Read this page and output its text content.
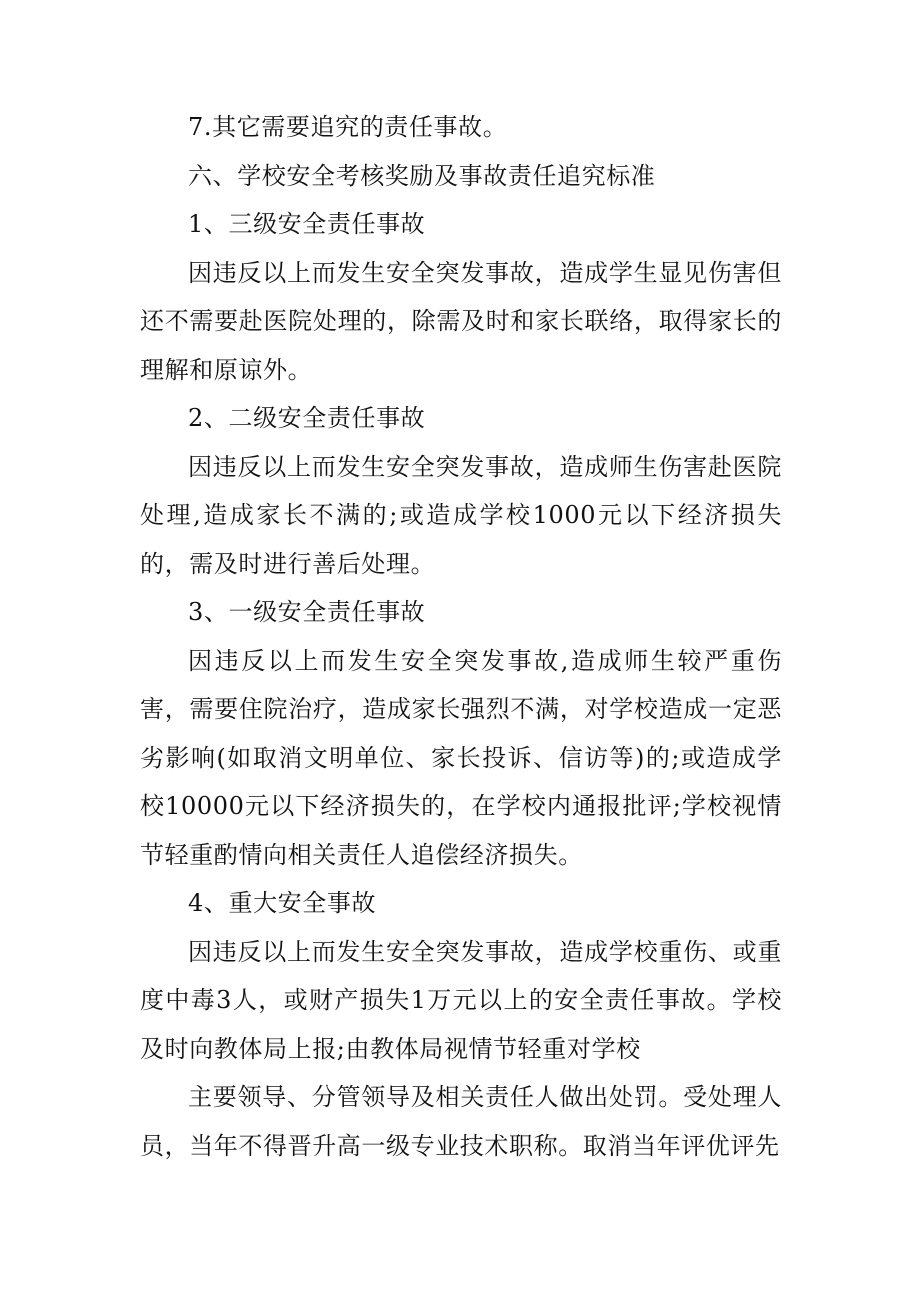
7.其它需要追究的责任事故。

六、学校安全考核奖励及事故责任追究标准

1、三级安全责任事故

因违反以上而发生安全突发事故，造成学生显见伤害但还不需要赴医院处理的，除需及时和家长联络，取得家长的理解和原谅外。

2、二级安全责任事故

因违反以上而发生安全突发事故，造成师生伤害赴医院处理,造成家长不满的;或造成学校1000元以下经济损失的，需及时进行善后处理。

3、一级安全责任事故

因违反以上而发生安全突发事故,造成师生较严重伤害，需要住院治疗，造成家长强烈不满，对学校造成一定恶劣影响(如取消文明单位、家长投诉、信访等)的;或造成学校10000元以下经济损失的，在学校内通报批评;学校视情节轻重酌情向相关责任人追偿经济损失。

4、重大安全事故

因违反以上而发生安全突发事故，造成学校重伤、或重度中毒3人，或财产损失1万元以上的安全责任事故。学校及时向教体局上报;由教体局视情节轻重对学校

主要领导、分管领导及相关责任人做出处罚。受处理人员，当年不得晋升高一级专业技术职称。取消当年评优评先
